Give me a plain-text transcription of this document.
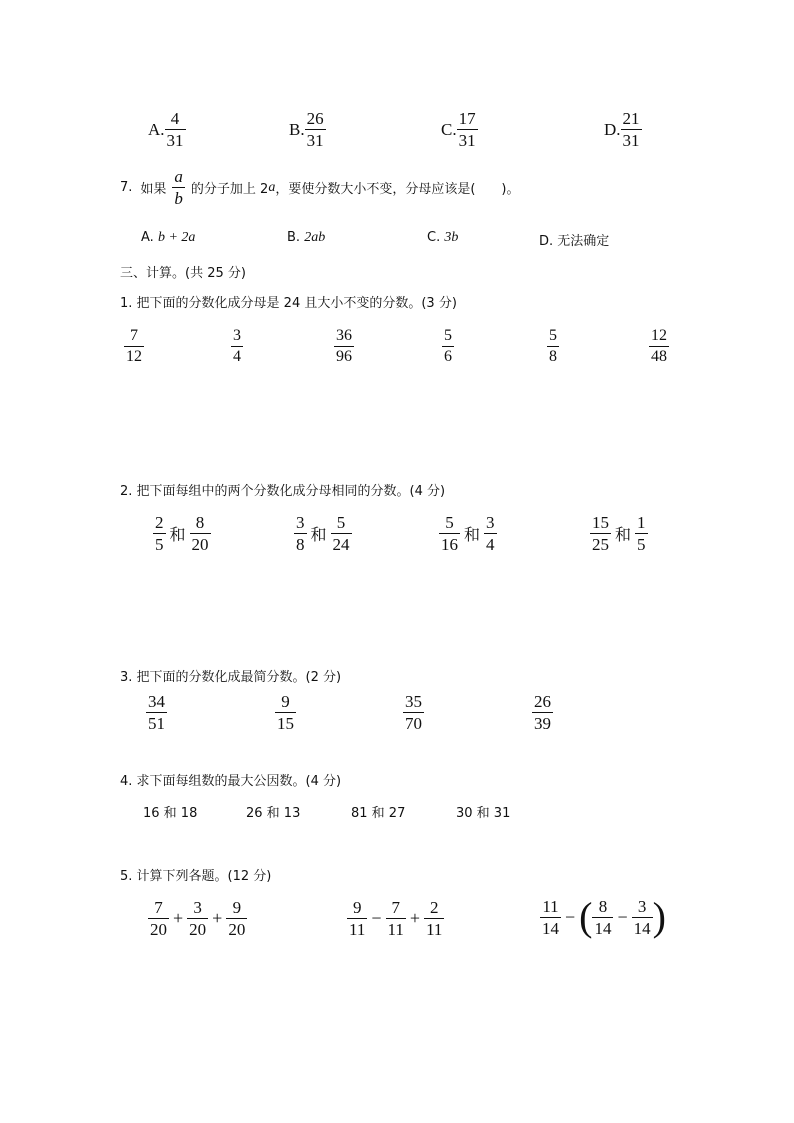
A. $\frac{4}{31}$	B. $\frac{26}{31}$	C. $\frac{17}{31}$	D. $\frac{21}{31}$
7. 如果 $\frac{a}{b}$ 的分子加上 2 a ，要使分数大小不变，分母应该是(　　)。
A. b + 2a	B. 2ab	C. 3b	D. 无法确定
三、计算。(共 25 分)
1. 把下面的分数化成分母是 24 且大小不变的分数。(3 分)
7
12
3
4
36
96
5
6
5
8
12
48
2. 把下面每组中的两个分数化成分母相同的分数。(4 分)
$\frac{2}{5}$ 和 $\frac{8}{20}$	$\frac{3}{8}$ 和 $\frac{5}{24}$	$\frac{5}{16}$ 和 $\frac{3}{4}$	$\frac{15}{25}$ 和 $\frac{1}{5}$
3. 把下面的分数化成最简分数。(2 分)
34
51
9
15
35
70
26
39
4. 求下面每组数的最大公因数。(4 分)
16 和 18	26 和 13	81 和 27	30 和 31
5. 计算下列各题。(12 分)
$\frac{7}{20} + \frac{3}{20} + \frac{9}{20}$	$\frac{9}{11} - \frac{7}{11} + \frac{2}{11}$	$\frac{11}{14}$ − ( $\frac{8}{14} - \frac{3}{14}$ )
